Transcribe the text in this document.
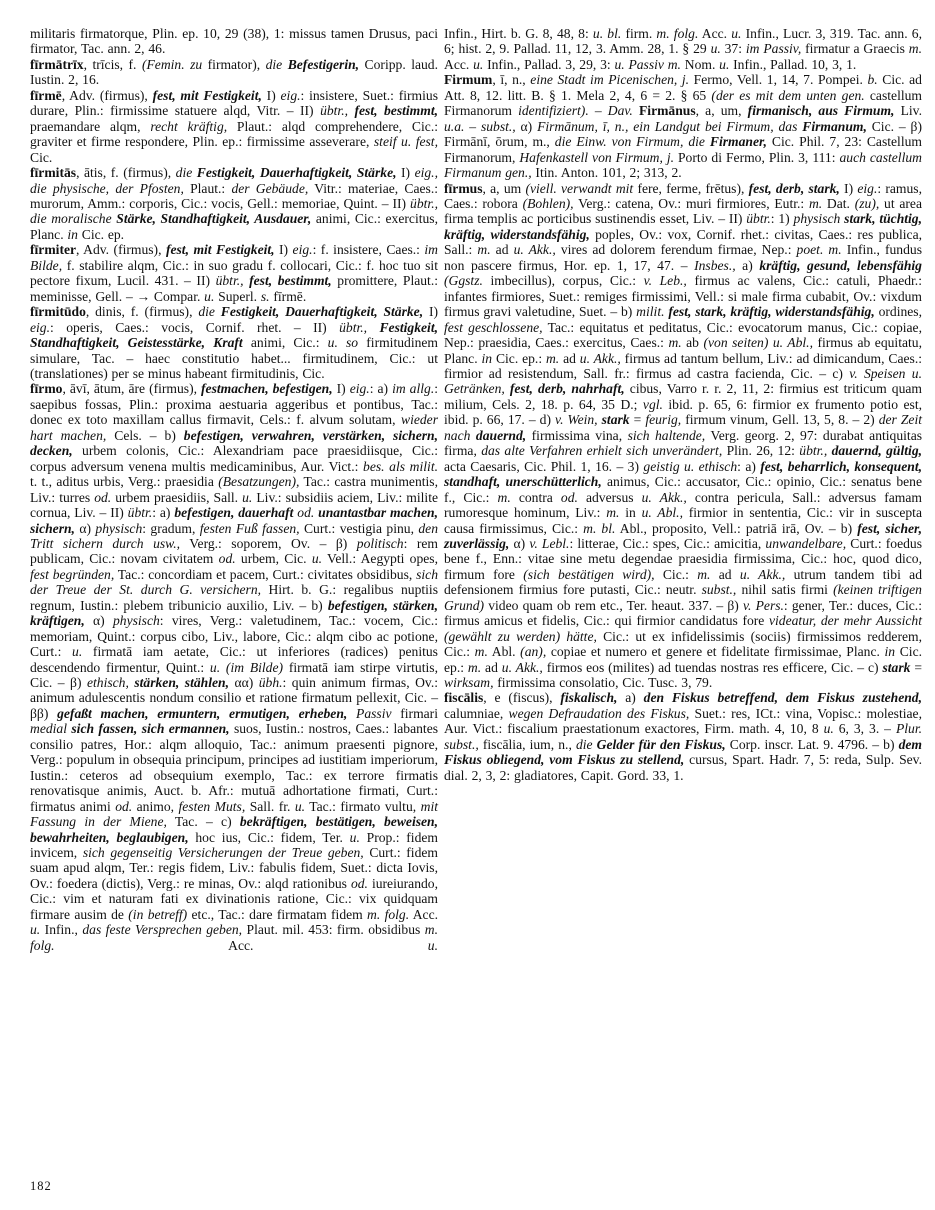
militaris firmatorque, Plin. ep. 10, 29 (38), 1: missus tamen Drusus, paci firmator, Tac. ann. 2, 46.

fīrmātrīx, trīcis, f. (Femin. zu firmator), die Befestigerin, Coripp. laud. Iustin. 2, 16.

fīrmē, Adv. (firmus), fest, mit Festigkeit, I) eig.: insistere, Suet.: firmius durare, Plin.: firmissime statuere alqd, Vitr. – II) übtr., fest, bestimmt, praemandare alqm, recht kräftig, Plaut.: alqd comprehendere, Cic.: graviter et firme respondere, Plin. ep.: firmissime asseverare, steif u. fest, Cic.

fīrmitās, ātis, f. (firmus), die Festigkeit, Dauerhaftigkeit, Stärke, I) eig., die physische, der Pfosten, Plaut.: der Gebäude, Vitr.: materiae, Caes.: murorum, Amm.: corporis, Cic.: vocis, Gell.: memoriae, Quint. – II) übtr., die moralische Stärke, Standhaftigkeit, Ausdauer, animi, Cic.: exercitus, Planc. in Cic. ep.

fīrmiter, Adv. (firmus), fest, mit Festigkeit, I) eig.: f. insistere, Caes.: im Bilde, f. stabilire alqm, Cic.: in suo gradu f. collocari, Cic.: f. hoc tuo sit pectore fixum, Lucil. 431. – II) übtr., fest, bestimmt, promittere, Plaut.: meminisse, Gell. – → Compar. u. Superl. s. fīrmē.

fīrmitūdo, dinis, f. (firmus), die Festigkeit, Dauerhaftigkeit, Stärke, I) eig.: operis, Caes.: vocis, Cornif. rhet. – II) übtr., Festigkeit, Standhaftigkeit, Geistesstärke, Kraft animi, Cic.: u. so firmitudinem simulare, Tac. – haec constitutio habet... firmitudinem, Cic.: ut (translationes) per se minus habeant firmitudinis, Cic.

fīrmo, āvī, ātum, āre (firmus), festmachen, befestigen, I) eig.: a) im allg.: saepibus fossas, Plin.: proxima aestuaria aggeribus et pontibus, Tac.: donec ex toto maxillam callus firmavit, Cels.: f. alvum solutam, wieder hart machen, Cels. – b) befestigen, verwahren, verstärken, sichern, decken, urbem colonis, Cic.: Alexandriam pace praesidiisque, Cic.: corpus adversum venena multis medicaminibus, Aur. Vict.: bes. als milit. t. t., aditus urbis, Verg.: praesidia (Besatzungen), Tac.: castra munimentis, Liv.: turres od. urbem praesidiis, Sall. u. Liv.: subsidiis aciem, Liv.: milite cornua, Liv. – II) übtr.: a) befestigen, dauerhaft od. unantastbar machen, sichern, α) physisch: gradum, festen Fuß fassen, Curt.: vestigia pinu, den Tritt sichern durch usw., Verg.: soporem, Ov. – β) politisch: rem publicam, Cic.: novam civitatem od. urbem, Cic. u. Vell.: Aegypti opes, fest begründen, Tac.: concordiam et pacem, Curt.: civitates obsidibus, sich der Treue der St. durch G. versichern, Hirt. b. G.: regalibus nuptiis regnum, Iustin.: plebem tribunicio auxilio, Liv. – b) befestigen, stärken, kräftigen, α) physisch: vires, Verg.: valetudinem, Tac.: vocem, Cic.: memoriam, Quint.: corpus cibo, Liv., labore, Cic.: alqm cibo ac potione, Curt.: u. firmatā iam aetate, Cic.: ut inferiores (radices) penitus descendendo firmentur, Quint.: u. (im Bilde) firmatā iam stirpe virtutis, Cic. – β) ethisch, stärken, stählen, αα) übh.: quin animum firmas, Ov.: animum adulescentis nondum consilio et ratione firmatum pellexit, Cic. – ββ) gefaßt machen, ermuntern, ermutigen, erheben, Passiv firmari medial sich fassen, sich ermannen, suos, Iustin.: nostros, Caes.: labantes consilio patres, Hor.: alqm alloquio, Tac.: animum praesenti pignore, Verg.: populum in obsequia principum, principes ad iustitiam imperiorum, Iustin.: ceteros ad obsequium exemplo, Tac.: ex terrore firmatis renovatisque animis, Auct. b. Afr.: mutuā adhortatione firmati, Curt.: firmatus animi od. animo, festen Muts, Sall. fr. u. Tac.: firmato vultu, mit Fassung in der Miene, Tac. – c) bekräftigen, bestätigen, beweisen, bewahrheiten, beglaubigen, hoc ius, Cic.: fidem, Ter. u. Prop.: fidem invicem, sich gegenseitig Versicherungen der Treue geben, Curt.: fidem suam apud alqm, Ter.: regis fidem, Liv.: fabulis fidem, Suet.: dicta Iovis, Ov.: foedera (dictis), Verg.: re minas, Ov.: alqd rationibus od. iureiurando, Cic.: vim et naturam fati ex divinationis ratione, Cic.: vix quidquam firmare ausim de (in betreff) etc., Tac.: dare firmatam fidem m. folg. Acc. u. Infin., das feste Versprechen geben, Plaut. mil. 453: firm. obsidibus m. folg. Acc. u.

Infin., Hirt. b. G. 8, 48, 8: u. bl. firm. m. folg. Acc. u. Infin., Lucr. 3, 319. Tac. ann. 6, 6; hist. 2, 9. Pallad. 11, 12, 3. Amm. 28, 1. § 29 u. 37: im Passiv, firmatur a Graecis m. Acc. u. Infin., Pallad. 3, 29, 3: u. Passiv m. Nom. u. Infin., Pallad. 10, 3, 1.

Firmum, ī, n., eine Stadt im Picenischen, j. Fermo, Vell. 1, 14, 7. Pompei. b. Cic. ad Att. 8, 12. litt. B. § 1. Mela 2, 4, 6 = 2. § 65 (der es mit dem unten gen. castellum Firmanorum identifiziert). – Dav. Firmānus, a, um, firmanisch, aus Firmum, Liv. u.a. – subst., α) Firmānum, ī, n., ein Landgut bei Firmum, das Firmanum, Cic. – β) Firmānī, ōrum, m., die Einw. von Firmum, die Firmaner, Cic. Phil. 7, 23: Castellum Firmanorum, Hafenkastell von Firmum, j. Porto di Fermo, Plin. 3, 111: auch castellum Firmanum gen., Itin. Anton. 101, 2; 313, 2.

fīrmus, a, um (viell. verwandt mit fere, ferme, frētus), fest, derb, stark, I) eig.: ramus, Caes.: robora (Bohlen), Verg.: catena, Ov.: muri firmiores, Eutr.: m. Dat. (zu), ut area firma templis ac porticibus sustinendis esset, Liv. – II) übtr.: 1) physisch stark, tüchtig, kräftig, widerstandsfähig, poples, Ov.: vox, Cornif. rhet.: civitas, Caes.: res publica, Sall.: m. ad u. Akk., vires ad dolorem ferendum firmae, Nep.: poet. m. Infin., fundus non pascere firmus, Hor. ep. 1, 17, 47. – Insbes., a) kräftig, gesund, lebensfähig (Ggstz. imbecillus), corpus, Cic.: v. Leb., firmus ac valens, Cic.: catuli, Phaedr.: infantes firmiores, Suet.: remiges firmissimi, Vell.: si male firma cubabit, Ov.: vixdum firmus gravi valetudine, Suet. – b) milit. fest, stark, kräftig, widerstandsfähig, ordines, fest geschlossene, Tac.: equitatus et peditatus, Cic.: evocatorum manus, Cic.: copiae, Nep.: praesidia, Caes.: exercitus, Caes.: m. ab (von seiten) u. Abl., firmus ab equitatu, Planc. in Cic. ep.: m. ad u. Akk., firmus ad tantum bellum, Liv.: ad dimicandum, Caes.: firmior ad resistendum, Sall. fr.: firmus ad castra facienda, Cic. – c) v. Speisen u. Getränken, fest, derb, nahrhaft, cibus, Varro r. r. 2, 11, 2: firmius est triticum quam milium, Cels. 2, 18. p. 64, 35 D.; vgl. ibid. p. 65, 6: firmior ex frumento potio est, ibid. p. 66, 17. – d) v. Wein, stark = feurig, firmum vinum, Gell. 13, 5, 8. – 2) der Zeit nach dauernd, firmissima vina, sich haltende, Verg. georg. 2, 97: durabat antiquitas firma, das alte Verfahren erhielt sich unverändert, Plin. 26, 12: übtr., dauernd, gültig, acta Caesaris, Cic. Phil. 1, 16. – 3) geistig u. ethisch: a) fest, beharrlich, konsequent, standhaft, unerschütterlich, animus, Cic.: accusator, Cic.: opinio, Cic.: senatus bene f., Cic.: m. contra od. adversus u. Akk., contra pericula, Sall.: adversus famam rumoresque hominum, Liv.: m. in u. Abl., firmior in sententia, Cic.: vir in suscepta causa firmissimus, Cic.: m. bl. Abl., proposito, Vell.: patriā irā, Ov. – b) fest, sicher, zuverlässig, α) v. Lebl.: litterae, Cic.: spes, Cic.: amicitia, unwandelbare, Curt.: foedus bene f., Enn.: vitae sine metu degendae praesidia firmissima, Cic.: hoc, quod dico, firmum fore (sich bestätigen wird), Cic.: m. ad u. Akk., utrum tandem tibi ad defensionem firmius fore putasti, Cic.: neutr. subst., nihil satis firmi (keinen triftigen Grund) video quam ob rem etc., Ter. heaut. 337. – β) v. Pers.: gener, Ter.: duces, Cic.: firmus amicus et fidelis, Cic.: qui firmior candidatus fore videatur, der mehr Aussicht (gewählt zu werden) hätte, Cic.: ut ex infidelissimis (sociis) firmissimos redderem, Cic.: m. Abl. (an), copiae et numero et genere et fidelitate firmissimae, Planc. in Cic. ep.: m. ad u. Akk., firmos eos (milites) ad tuendas nostras res efficere, Cic. – c) stark = wirksam, firmissima consolatio, Cic. Tusc. 3, 79.

fiscālis, e (fiscus), fiskalisch, a) den Fiskus betreffend, dem Fiskus zustehend, calumniae, wegen Defraudation des Fiskus, Suet.: res, ICt.: vina, Vopisc.: molestiae, Aur. Vict.: fiscalium praestationum exactores, Firm. math. 4, 10, 8 u. 6, 3, 3. – Plur. subst., fiscālia, ium, n., die Gelder für den Fiskus, Corp. inscr. Lat. 9. 4796. – b) dem Fiskus obliegend, vom Fiskus zu stellend, cursus, Spart. Hadr. 7, 5: reda, Sulp. Sev. dial. 2, 3, 2: gladiatores, Capit. Gord. 33, 1.

182
